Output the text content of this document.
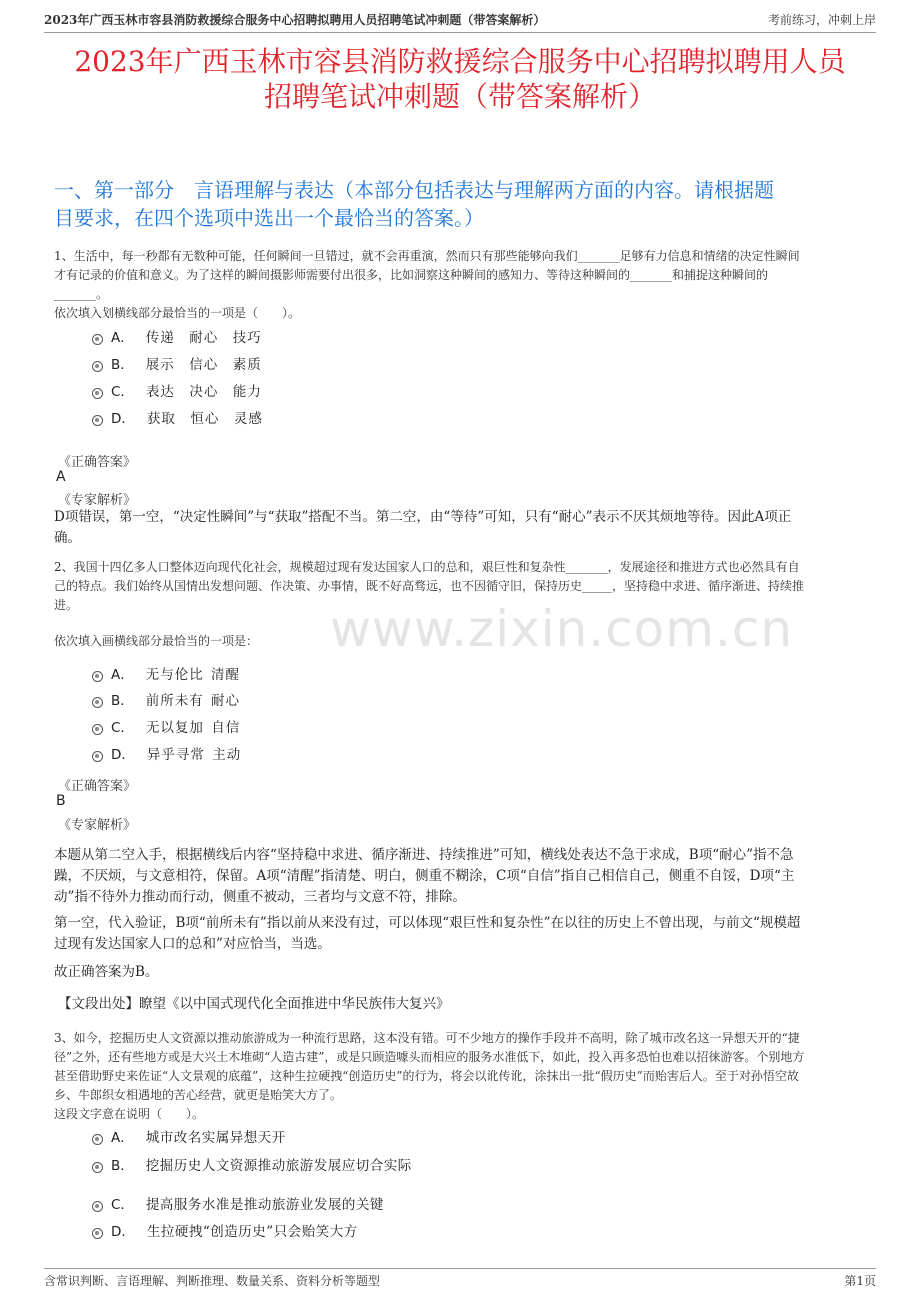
2023年广西玉林市容县消防救援综合服务中心招聘拟聘用人员招聘笔试冲刺题（带答案解析）	考前练习，冲刺上岸
2023年广西玉林市容县消防救援综合服务中心招聘拟聘用人员
招聘笔试冲刺题（带答案解析）
一、第一部分　言语理解与表达（本部分包括表达与理解两方面的内容。请根据题
目要求，在四个选项中选出一个最恰当的答案。）
www.zixin.com.cn
1、生活中，每一秒都有无数种可能，任何瞬间一旦错过，就不会再重演，然而只有那些能够向我们_______足够有力信息和情绪的决定性瞬间
才有记录的价值和意义。为了这样的瞬间摄影师需要付出很多，比如洞察这种瞬间的感知力、等待这种瞬间的_______和捕捉这种瞬间的
_______。
依次填入划横线部分最恰当的一项是（　　）。
A． 传递　耐心　技巧
B． 展示　信心　素质
C． 表达　决心　能力
D． 获取　恒心　灵感
《正确答案》
A
《专家解析》
D项错误，第一空，“决定性瞬间”与“获取”搭配不当。第二空，由“等待”可知，只有“耐心”表示不厌其烦地等待。因此A项正
确。
2、我国十四亿多人口整体迈向现代化社会，规模超过现有发达国家人口的总和，艰巨性和复杂性_______，发展途径和推进方式也必然具有自
己的特点。我们始终从国情出发想问题、作决策、办事情，既不好高骛远，也不因循守旧，保持历史_____，坚持稳中求进、循序渐进、持续推
进。
依次填入画横线部分最恰当的一项是：
A． 无与伦比 清醒
B． 前所未有 耐心
C． 无以复加 自信
D． 异乎寻常 主动
《正确答案》
B
《专家解析》
本题从第二空入手，根据横线后内容“坚持稳中求进、循序渐进、持续推进”可知，横线处表达不急于求成，B项“耐心”指不急
躁，不厌烦，与文意相符，保留。A项“清醒”指清楚、明白，侧重不糊涂，C项“自信”指自己相信自己，侧重不自馁，D项“主
动”指不待外力推动而行动，侧重不被动，三者均与文意不符，排除。
第一空，代入验证，B项“前所未有”指以前从来没有过，可以体现“艰巨性和复杂性”在以往的历史上不曾出现，与前文“规模超
过现有发达国家人口的总和”对应恰当，当选。
故正确答案为B。
【文段出处】瞭望《以中国式现代化全面推进中华民族伟大复兴》
3、如今，挖掘历史人文资源以推动旅游成为一种流行思路，这本没有错。可不少地方的操作手段并不高明，除了城市改名这一异想天开的“捷
径”之外，还有些地方或是大兴土木堆砌“人造古建”，或是只顾造噱头而相应的服务水准低下，如此，投入再多恐怕也难以招徕游客。个别地方
甚至借助野史来佐证“人文景观的底蕴”，这种生拉硬拽“创造历史”的行为，将会以讹传讹，涂抹出一批“假历史”而贻害后人。至于对孙悟空故
乡、牛郎织女相遇地的苦心经营，就更是贻笑大方了。
这段文字意在说明（　　）。
A． 城市改名实属异想天开
B． 挖掘历史人文资源推动旅游发展应切合实际
C． 提高服务水准是推动旅游业发展的关键
D． 生拉硬拽“创造历史”只会贻笑大方
含常识判断、言语理解、判断推理、数量关系、资料分析等题型	第1页
